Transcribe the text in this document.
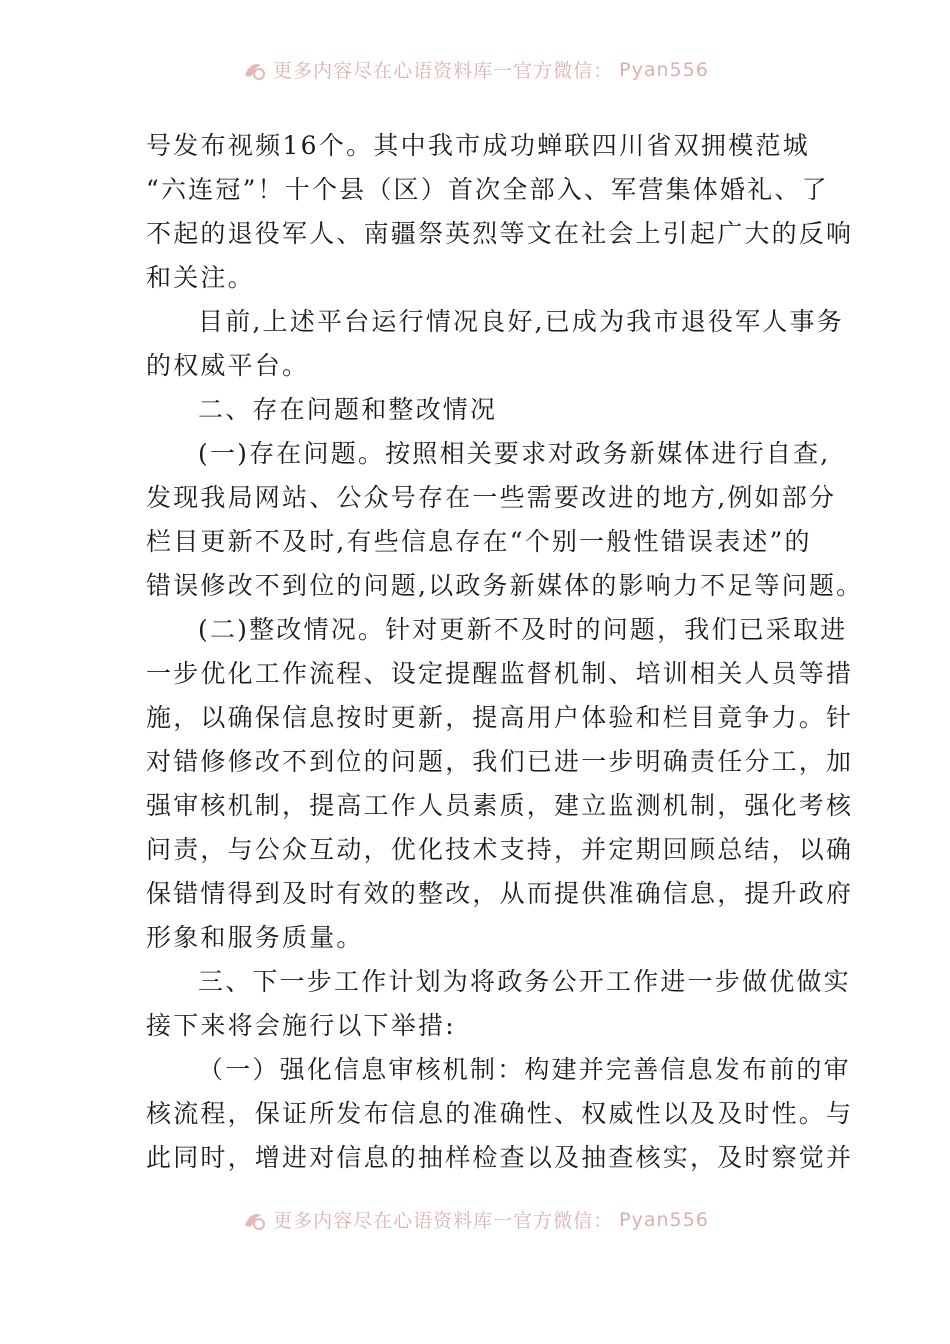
更多内容尽在心语资料库一官方微信： Pyan556
号发布视频16个。其中我市成功蝉联四川省双拥模范城
“六连冠”！十个县（区）首次全部入、军营集体婚礼、了
不起的退役军人、南疆祭英烈等文在社会上引起广大的反响
和关注。
目前,上述平台运行情况良好,已成为我市退役军人事务
的权威平台。
二、存在问题和整改情况
(一)存在问题。按照相关要求对政务新媒体进行自查,
发现我局网站、公众号存在一些需要改进的地方,例如部分
栏目更新不及时,有些信息存在“个别一般性错误表述”的
错误修改不到位的问题,以政务新媒体的影响力不足等问题。
(二)整改情况。针对更新不及时的问题，我们已采取进
一步优化工作流程、设定提醒监督机制、培训相关人员等措
施，以确保信息按时更新，提高用户体验和栏目竟争力。针
对错修修改不到位的问题，我们已进一步明确责任分工，加
强审核机制，提高工作人员素质，建立监测机制，强化考核
问责，与公众互动，优化技术支持，并定期回顾总结，以确
保错情得到及时有效的整改，从而提供准确信息，提升政府
形象和服务质量。
三、下一步工作计划为将政务公开工作进一步做优做实
接下来将会施行以下举措:
（一）强化信息审核机制：构建并完善信息发布前的审
核流程，保证所发布信息的准确性、权威性以及及时性。与
此同时，增进对信息的抽样检查以及抽查核实，及时察觉并
更多内容尽在心语资料库一官方微信： Pyan556
